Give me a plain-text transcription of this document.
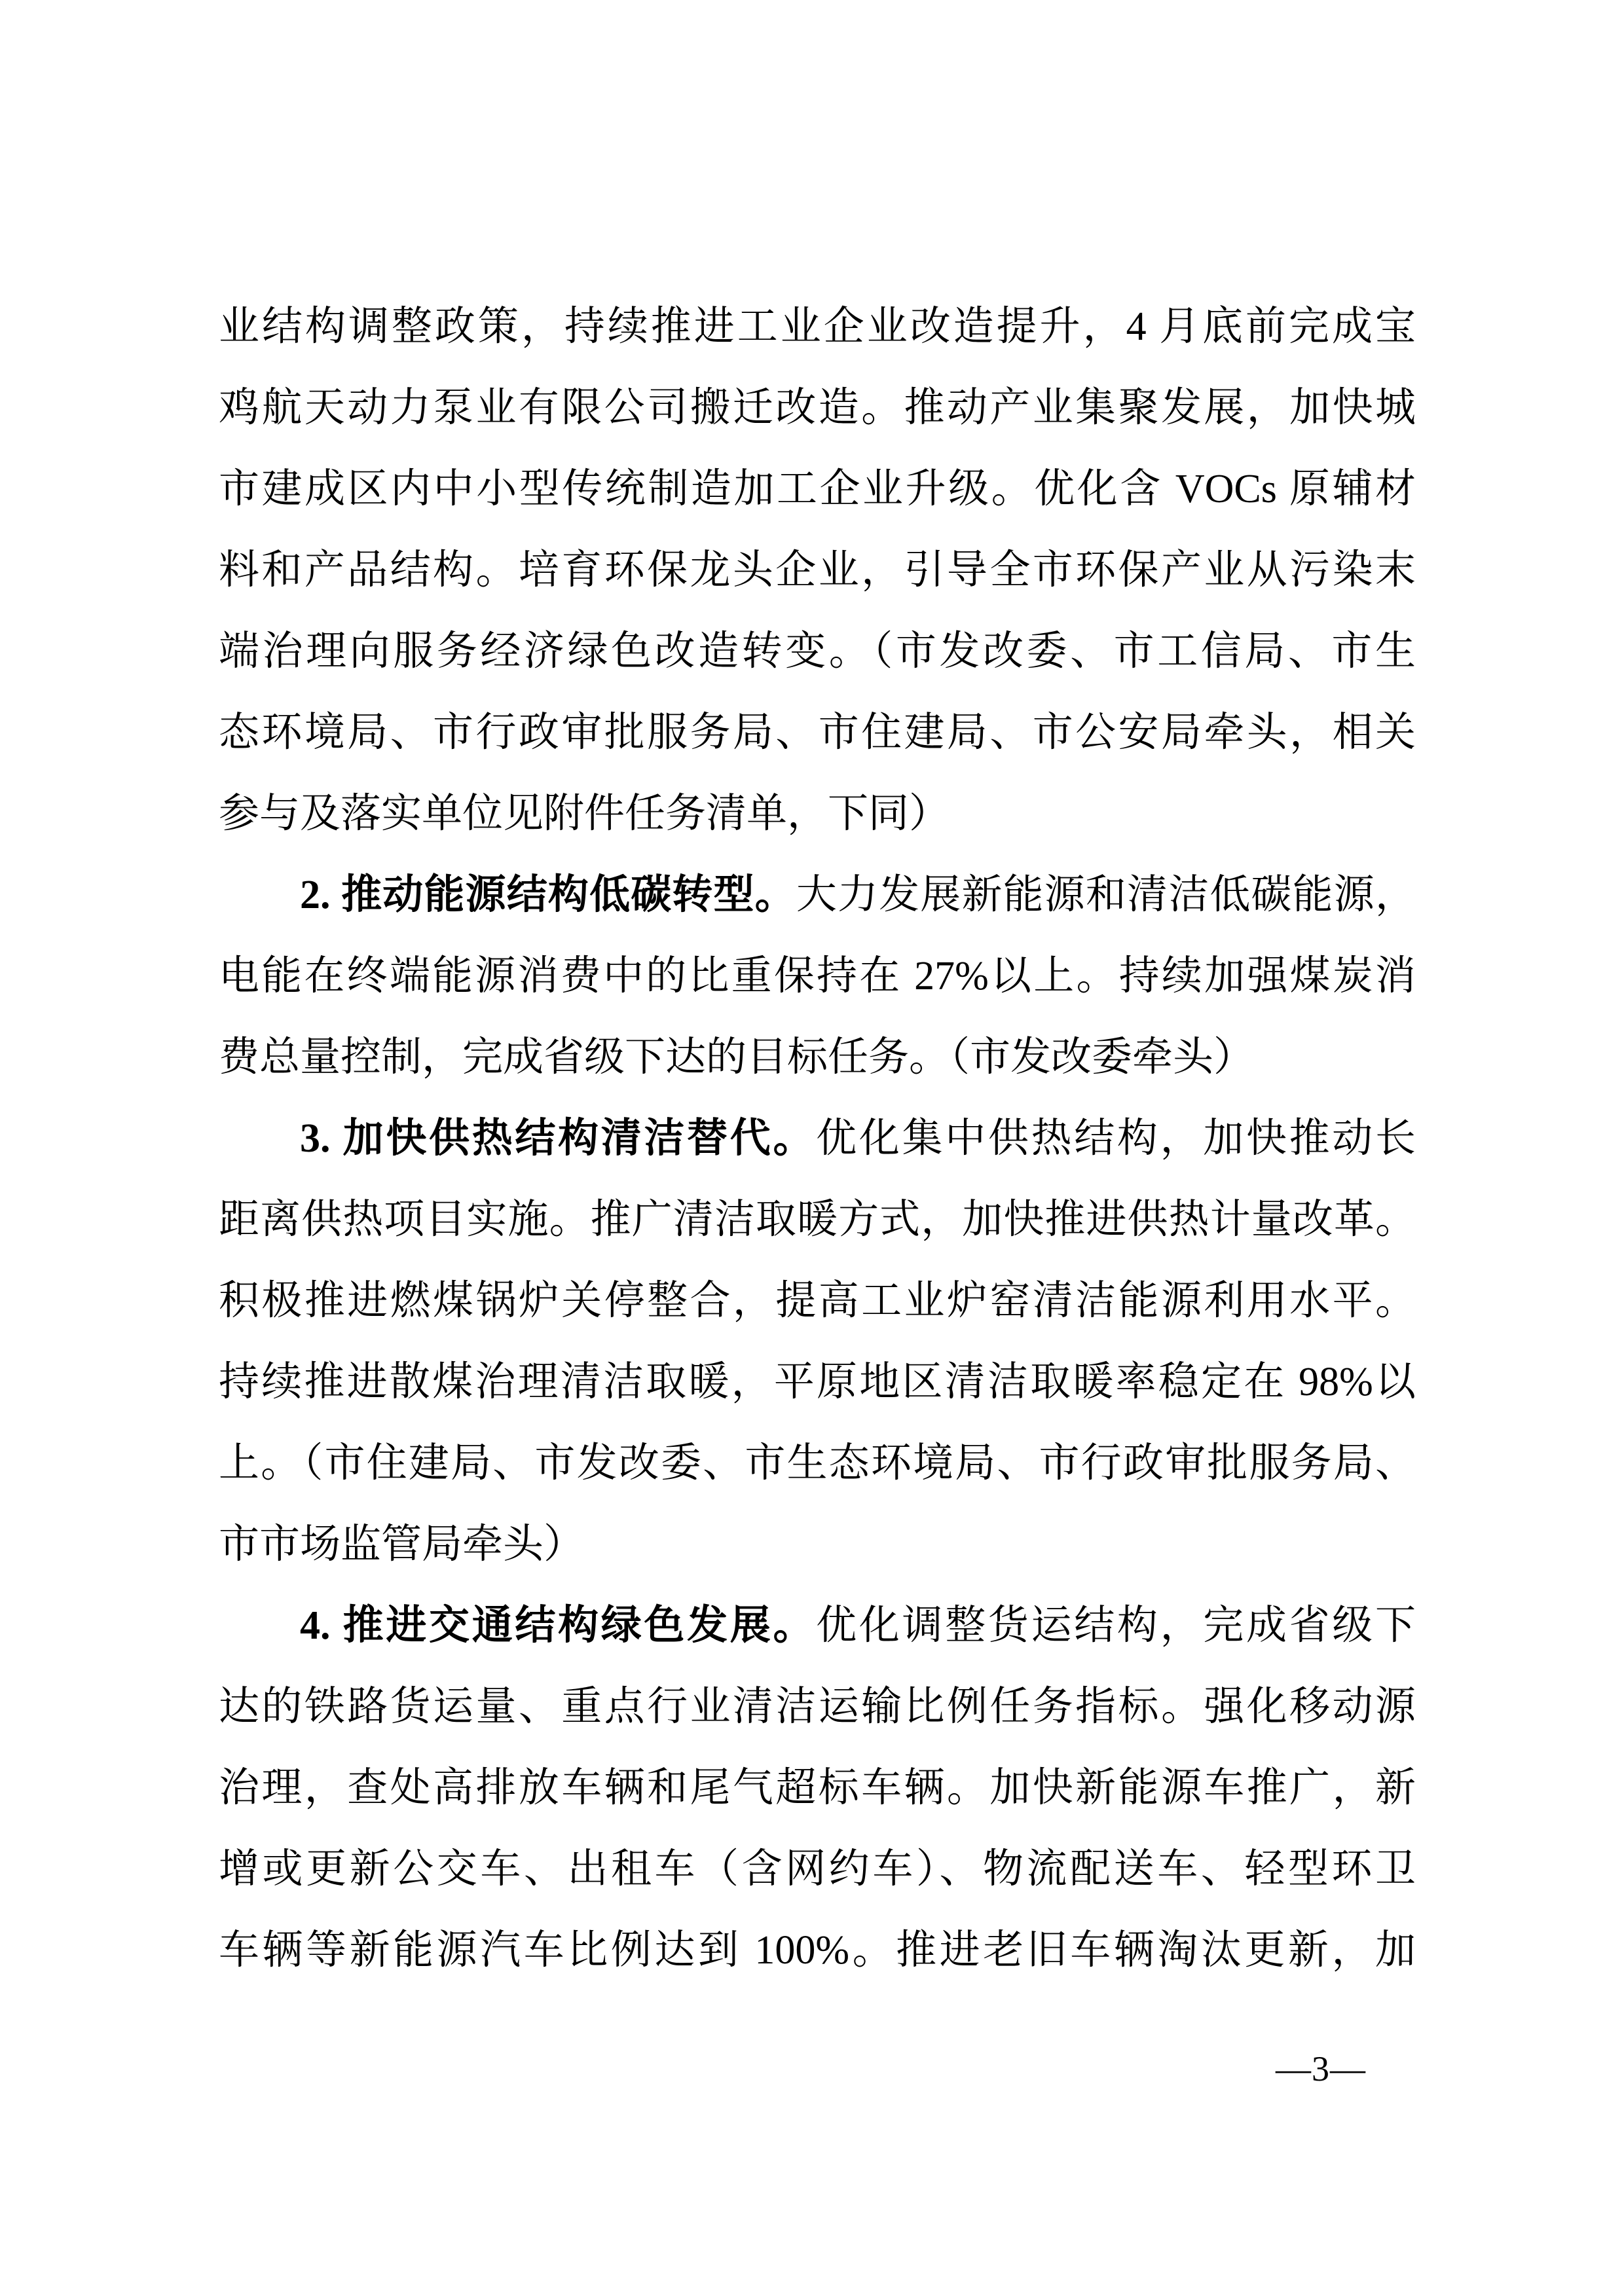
业结构调整政策，持续推进工业企业改造提升，4 月底前完成宝
鸡航天动力泵业有限公司搬迁改造。推动产业集聚发展，加快城
市建成区内中小型传统制造加工企业升级。优化含 VOCs 原辅材
料和产品结构。培育环保龙头企业，引导全市环保产业从污染末
端治理向服务经济绿色改造转变。（市发改委、市工信局、市生
态环境局、市行政审批服务局、市住建局、市公安局牵头，相关
参与及落实单位见附件任务清单，下同）
2. 推动能源结构低碳转型。大力发展新能源和清洁低碳能源，
电能在终端能源消费中的比重保持在 27%以上。持续加强煤炭消
费总量控制，完成省级下达的目标任务。（市发改委牵头）
3. 加快供热结构清洁替代。优化集中供热结构，加快推动长
距离供热项目实施。推广清洁取暖方式，加快推进供热计量改革。
积极推进燃煤锅炉关停整合，提高工业炉窑清洁能源利用水平。
持续推进散煤治理清洁取暖，平原地区清洁取暖率稳定在 98%以
上。（市住建局、市发改委、市生态环境局、市行政审批服务局、
市市场监管局牵头）
4. 推进交通结构绿色发展。优化调整货运结构，完成省级下
达的铁路货运量、重点行业清洁运输比例任务指标。强化移动源
治理，查处高排放车辆和尾气超标车辆。加快新能源车推广，新
增或更新公交车、出租车（含网约车）、物流配送车、轻型环卫
车辆等新能源汽车比例达到 100%。推进老旧车辆淘汰更新，加
—3—
